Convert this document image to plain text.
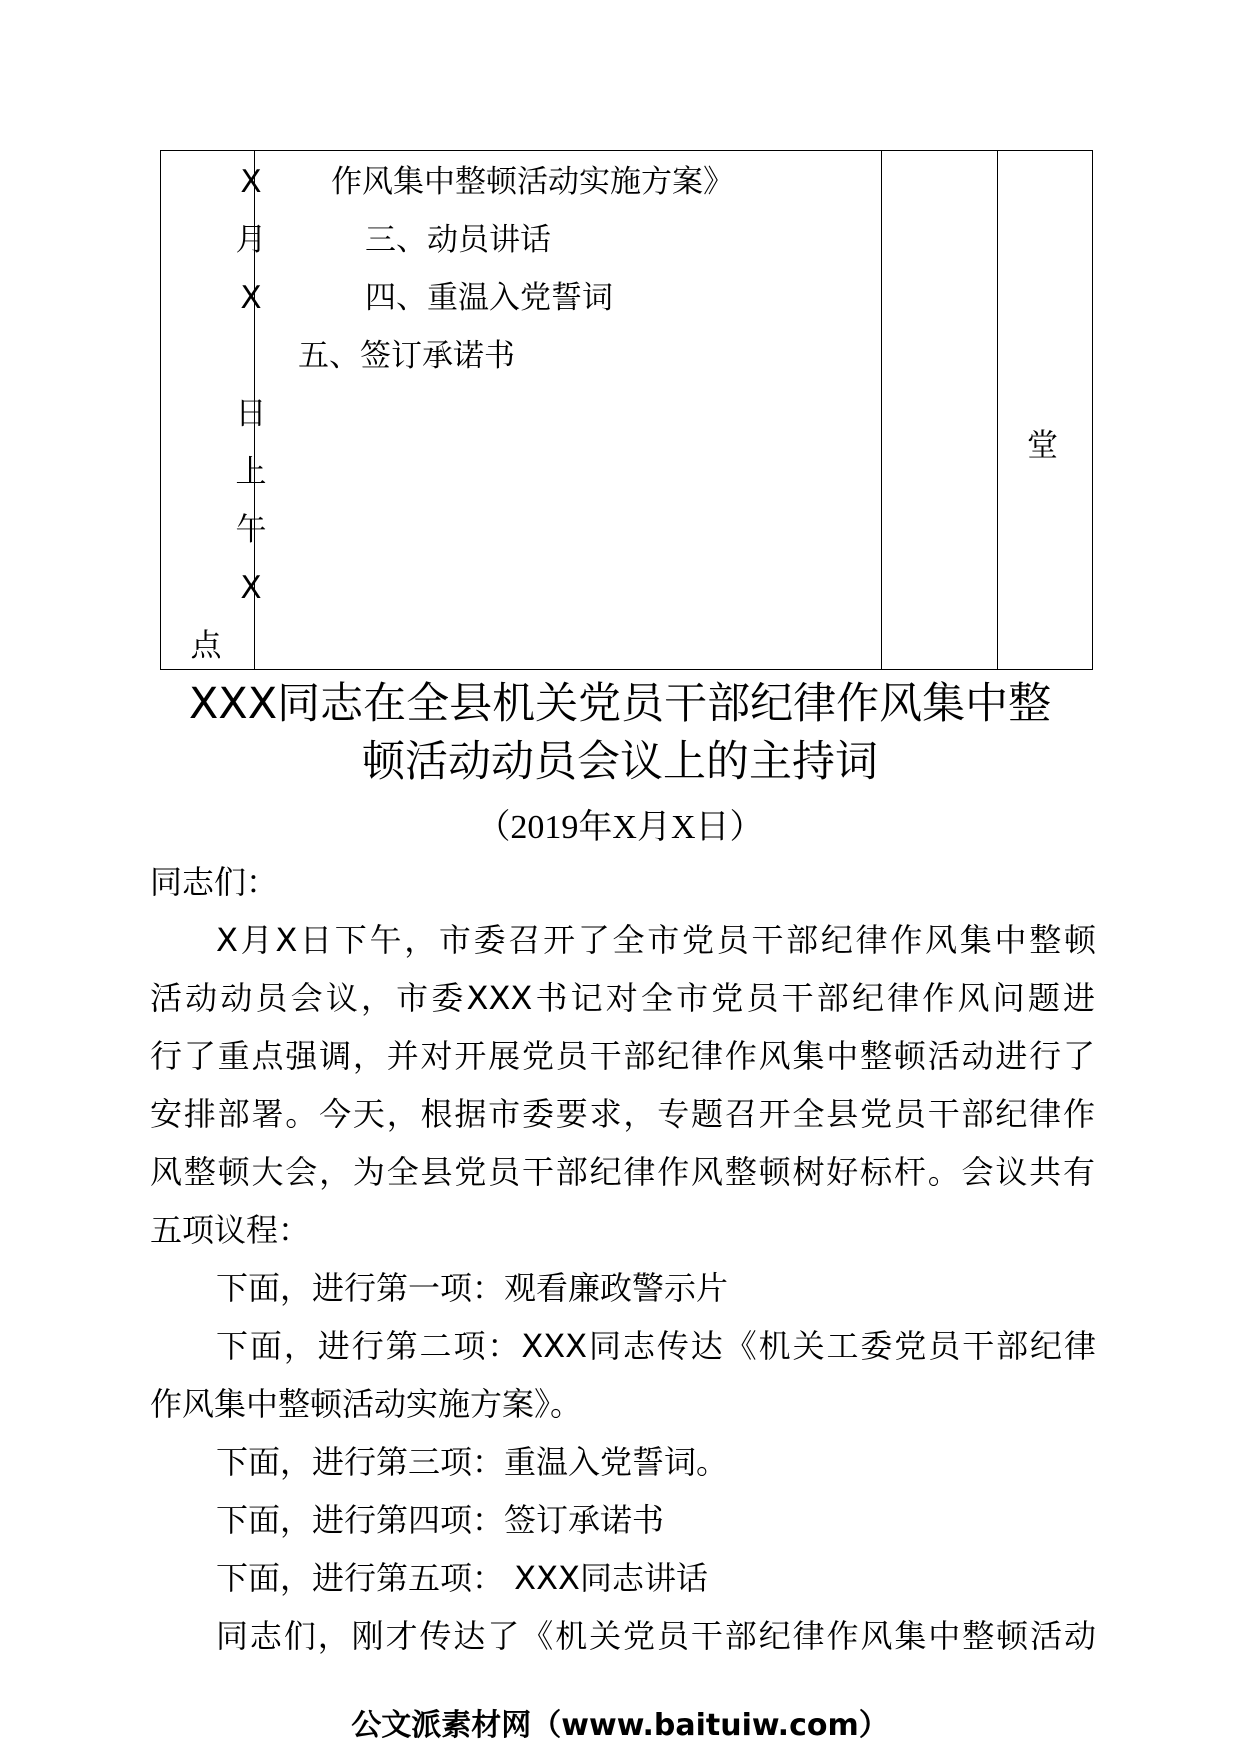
X
月
X
日
上
午
X
点
作风集中整顿活动实施方案》
三、动员讲话
四、重温入党誓词
五、签订承诺书
堂
XXX同志在全县机关党员干部纪律作风集中整
顿活动动员会议上的主持词
（2019年X月X日）
同志们：
X月X日下午，市委召开了全市党员干部纪律作风集中整顿
活动动员会议，市委XXX书记对全市党员干部纪律作风问题进
行了重点强调，并对开展党员干部纪律作风集中整顿活动进行了
安排部署。今天，根据市委要求，专题召开全县党员干部纪律作
风整顿大会，为全县党员干部纪律作风整顿树好标杆。会议共有
五项议程：
下面，进行第一项：观看廉政警示片
下面，进行第二项：XXX同志传达《机关工委党员干部纪律
作风集中整顿活动实施方案》。
下面，进行第三项：重温入党誓词。
下面，进行第四项：签订承诺书
下面，进行第五项： XXX同志讲话
同志们，刚才传达了《机关党员干部纪律作风集中整顿活动
公文派素材网（www.baituiw.com）
